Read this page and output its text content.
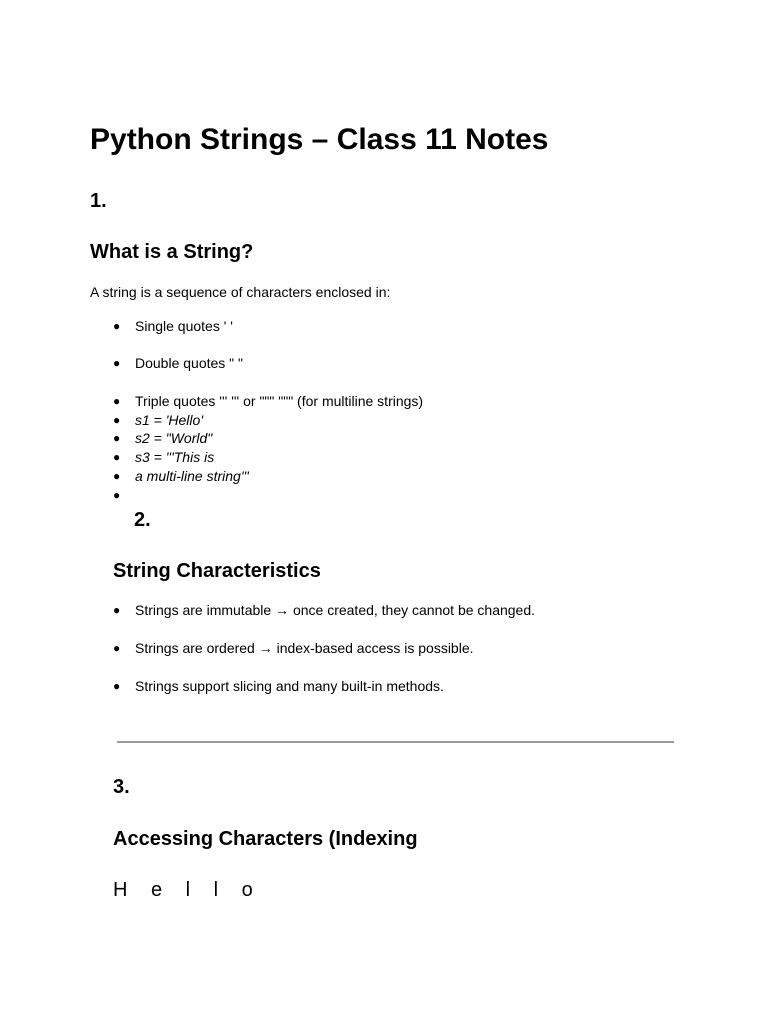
Python Strings – Class 11 Notes
1.
What is a String?

A string is a sequence of characters enclosed in:

● Single quotes ' '
● Double quotes " "
● Triple quotes ''' ''' or """ """ (for multiline strings)
● s1 = 'Hello'
● s2 = "World"
● s3 = '''This is
● a multi-line string'''
●
2.
String Characteristics
● Strings are immutable → once created, they cannot be changed.
● Strings are ordered → index-based access is possible.
● Strings support slicing and many built-in methods.
3.
Accessing Characters (Indexing
H e l l o
